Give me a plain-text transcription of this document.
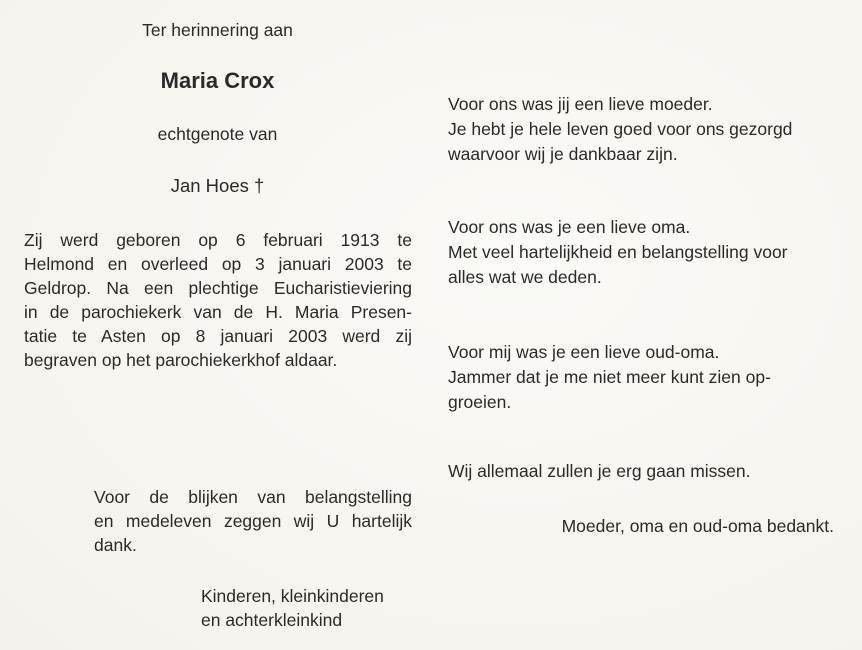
Ter herinnering aan
Maria Crox
echtgenote van
Jan Hoes †
Zij werd geboren op 6 februari 1913 te
Helmond en overleed op 3 januari 2003 te
Geldrop. Na een plechtige Eucharistieviering
in de parochiekerk van de H. Maria Presen-
tatie te Asten op 8 januari 2003 werd zij
begraven op het parochiekerkhof aldaar.
Voor de blijken van belangstelling
en medeleven zeggen wij U hartelijk
dank.
Kinderen, kleinkinderen
en achterkleinkind
Voor ons was jij een lieve moeder.
Je hebt je hele leven goed voor ons gezorgd
waarvoor wij je dankbaar zijn.
Voor ons was je een lieve oma.
Met veel hartelijkheid en belangstelling voor
alles wat we deden.
Voor mij was je een lieve oud-oma.
Jammer dat je me niet meer kunt zien op-
groeien.
Wij allemaal zullen je erg gaan missen.
Moeder, oma en oud-oma bedankt.
